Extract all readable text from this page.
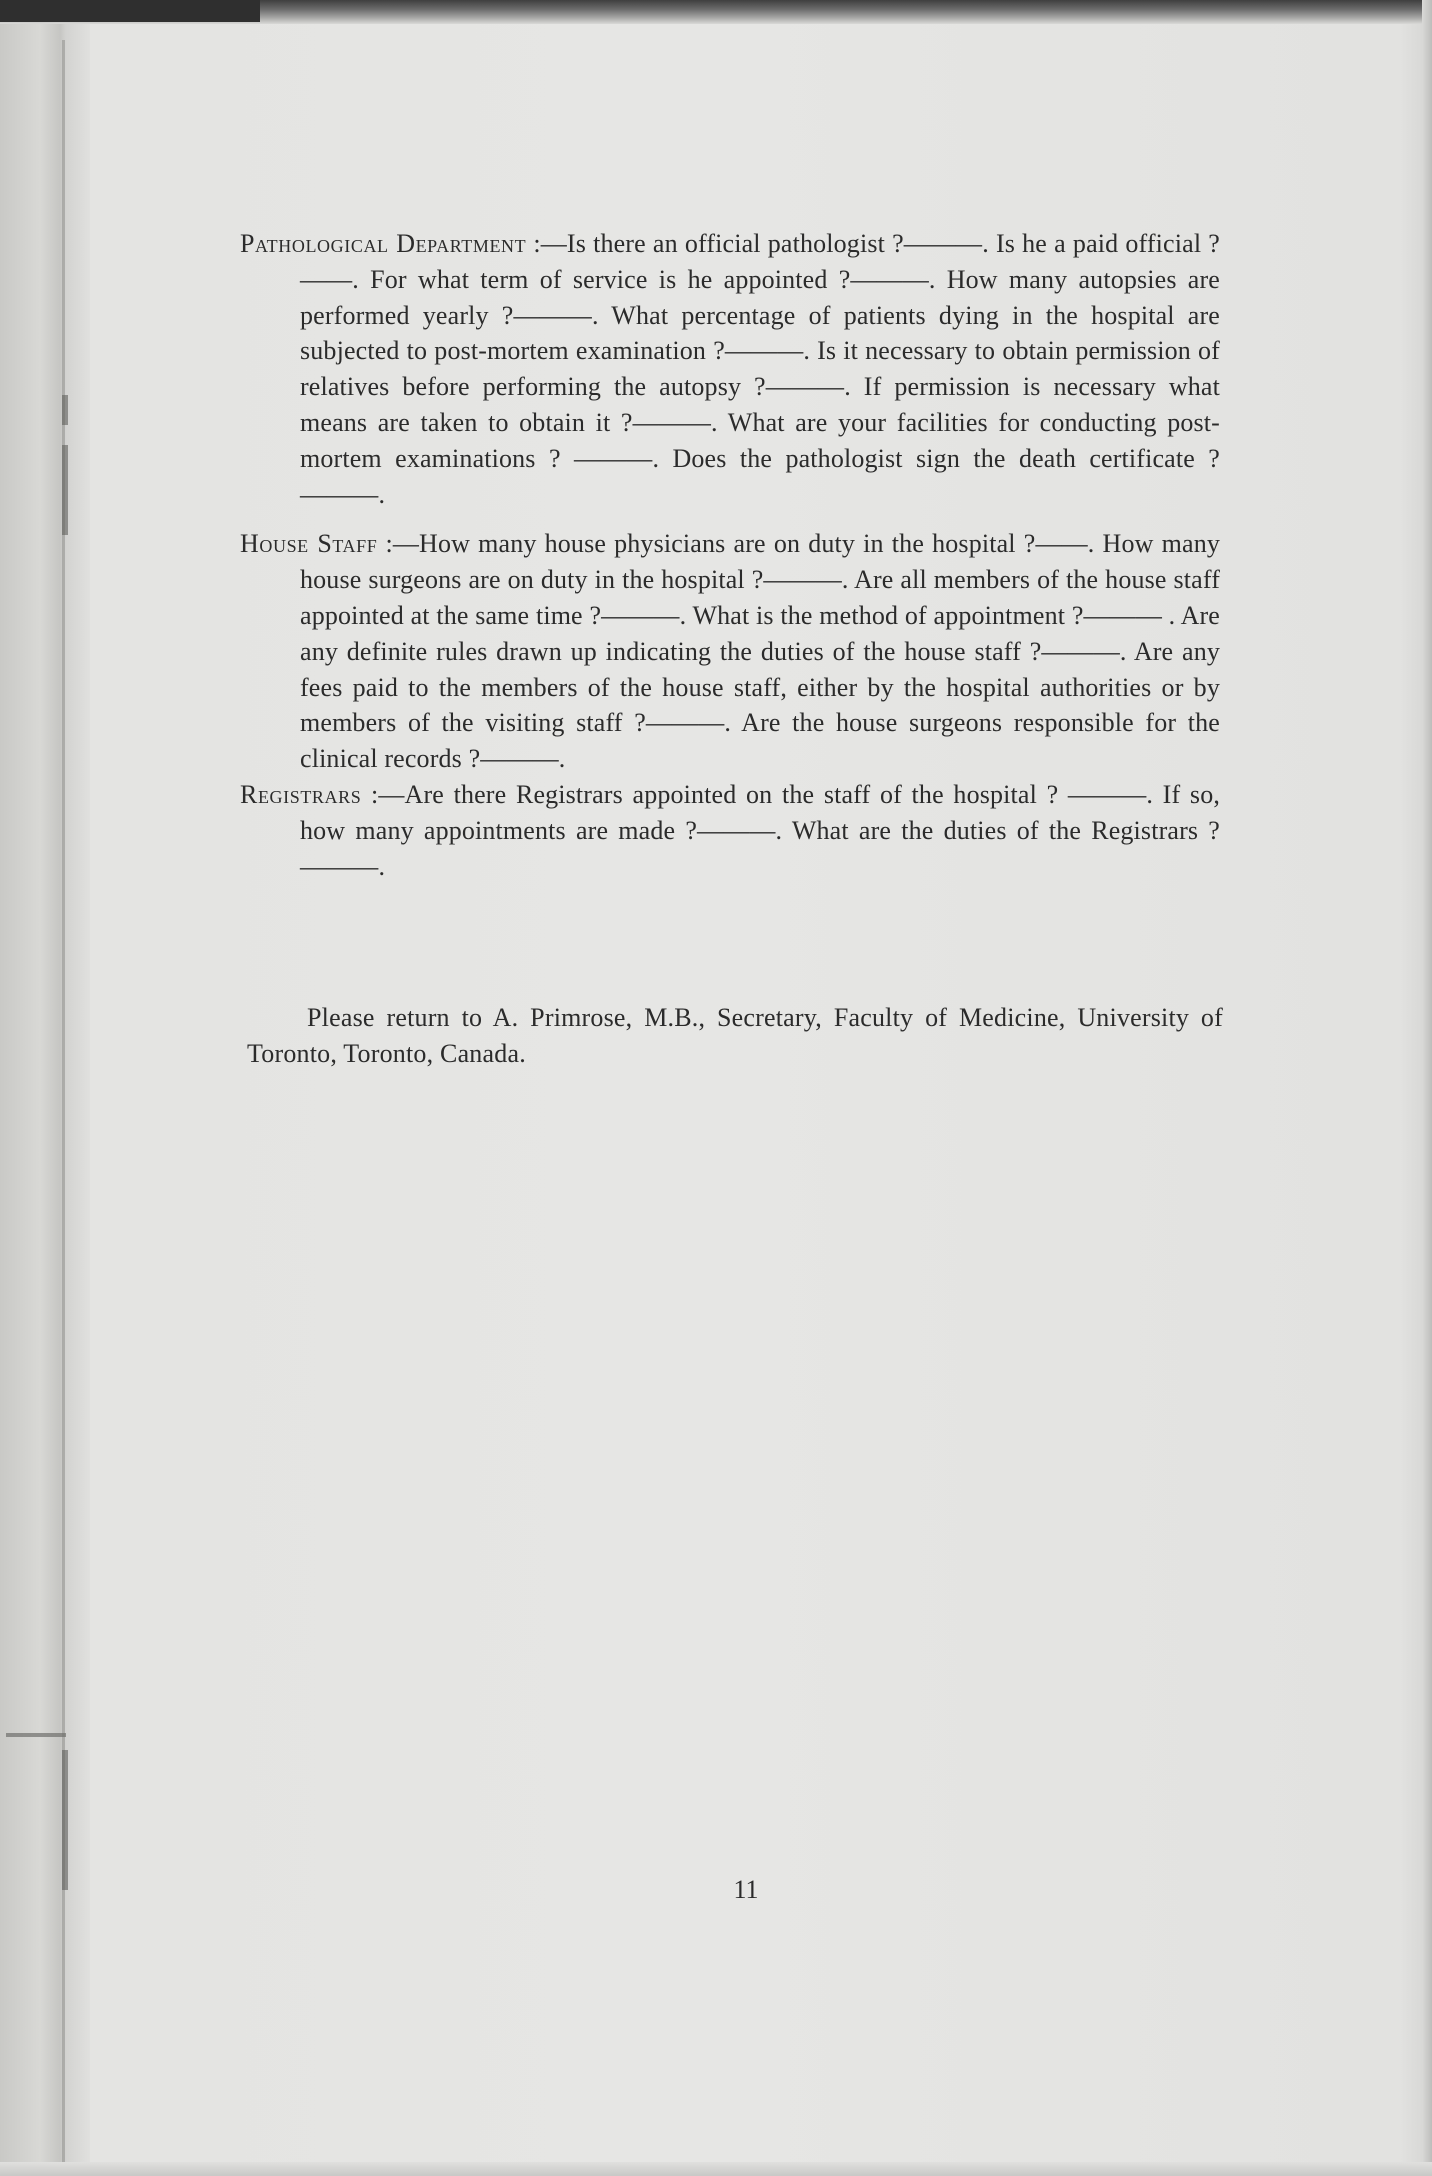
Pathological Department :—Is there an official pathologist ?———. Is he a paid official ?——. For what term of service is he appointed ?———. How many autopsies are performed yearly ?———. What percentage of patients dying in the hospital are subjected to post-mortem examination ?———. Is it necessary to obtain permission of relatives before performing the autopsy ?———. If permission is necessary what means are taken to obtain it ?———. What are your facilities for conducting post-mortem examinations ? ———. Does the pathologist sign the death certificate ?———.

House Staff :—How many house physicians are on duty in the hospital ?——. How many house surgeons are on duty in the hospital ?———. Are all members of the house staff appointed at the same time ?———. What is the method of appointment ?——— . Are any definite rules drawn up indicating the duties of the house staff ?———. Are any fees paid to the members of the house staff, either by the hospital authorities or by members of the visiting staff ?———. Are the house surgeons responsible for the clinical records ?———.

Registrars :—Are there Registrars appointed on the staff of the hospital ? ———. If so, how many appointments are made ?———. What are the duties of the Registrars ?———.

Please return to A. Primrose, M.B., Secretary, Faculty of Medicine, University of Toronto, Toronto, Canada.

11
